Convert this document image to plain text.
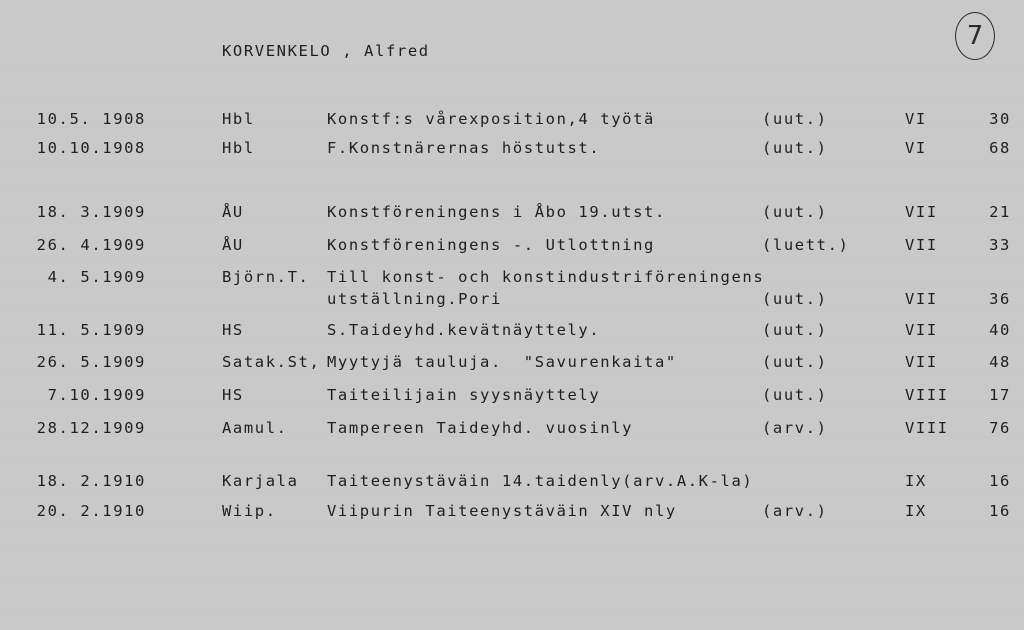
KORVENKELO , Alfred	7
10.5. 1908	Hbl	Konstf:s vårexposition,4 työtä	(uut.)	VI	30
10.10.1908	Hbl	F.Konstnärernas höstutst.	(uut.)	VI	68
18. 3.1909	ÅU	Konstföreningens i Åbo 19.utst.	(uut.)	VII	21
26. 4.1909	ÅU	Konstföreningens -. Utlottning	(luett.)	VII	33
4. 5.1909	Björn.T. Till konst- och konstindustriföreningens
utställning.Pori	(uut.)	VII	36
11. 5.1909	HS	S.Taideyhd.kevätnäyttely.	(uut.)	VII	40
26. 5.1909	Satak.St, Myytyjä tauluja.  "Savurenkaita"	(uut.)	VII	48
7.10.1909	HS	Taiteilijain syysnäyttely	(uut.)	VIII	17
28.12.1909	Aamul.	Tampereen Taideyhd. vuosinly	(arv.)	VIII	76
18. 2.1910	Karjala Taiteenystäväin 14.taidenly(arv.A.K-la)	IX	16
20. 2.1910	Wiip.	Viipurin Taiteenystäväin XIV nly	(arv.)	IX	16
